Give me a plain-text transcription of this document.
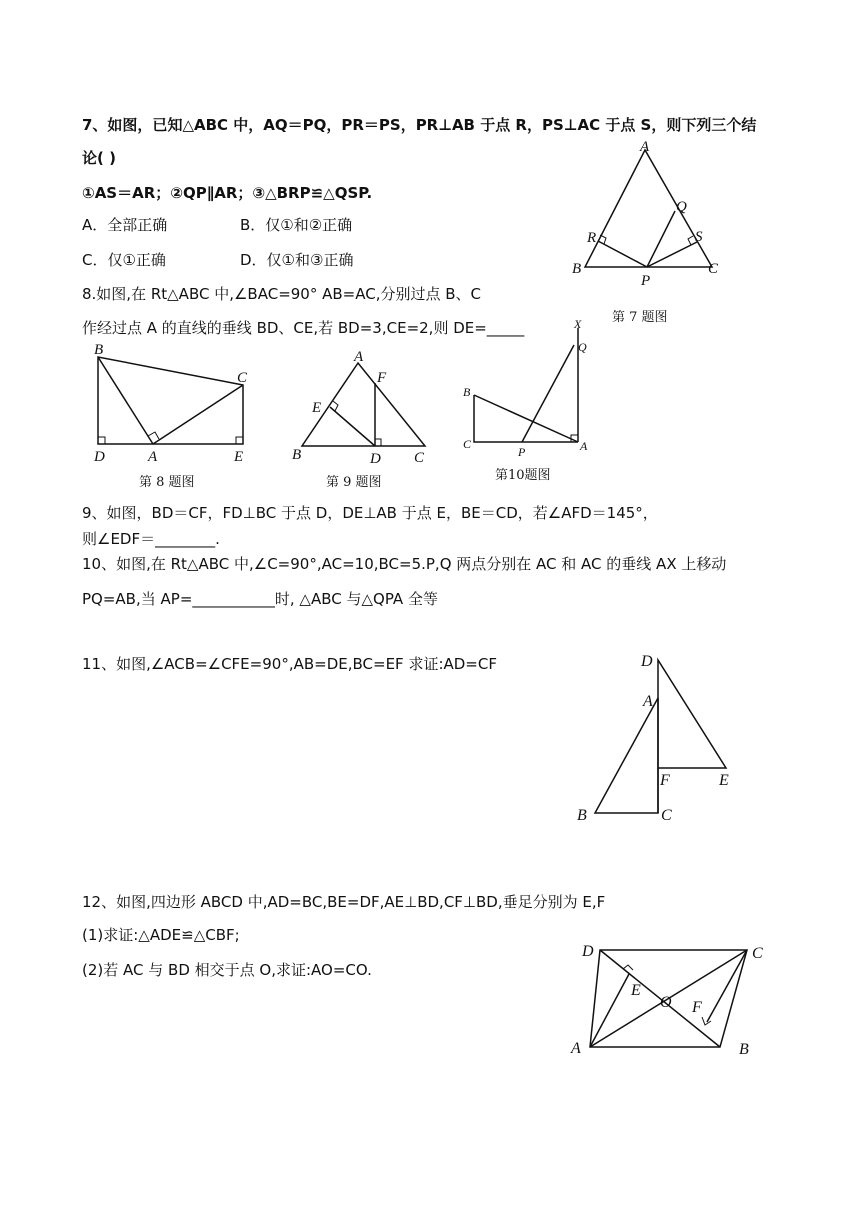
7、如图，已知△ABC 中，AQ＝PQ，PR＝PS，PR⊥AB 于点 R，PS⊥AC 于点 S，则下列三个结
论( )
①AS＝AR；②QP∥AR；③△BRP≌△QSP.
A．全部正确	B．仅①和②正确
C．仅①正确	D．仅①和③正确
A
Q
R	S
B
P
C
第 7 题图
8.如图,在 Rt△ABC 中,∠BAC=90° AB=AC,分别过点 B、C
作经过点 A 的直线的垂线 BD、CE,若 BD=3,CE=2,则 DE=_____
B
C
D	A	E
第 8 题图
A
F
E
B	D C
第 9 题图
X
Q
B
C
P	A
第10题图
9、如图，BD＝CF，FD⊥BC 于点 D，DE⊥AB 于点 E，BE＝CD，若∠AFD＝145°，
则∠EDF＝________.
10、如图,在 Rt△ABC 中,∠C=90°,AC=10,BC=5.P,Q 两点分别在 AC 和 AC 的垂线 AX 上移动
PQ=AB,当 AP=___________时, △ABC 与△QPA 全等
11、如图,∠ACB=∠CFE=90°,AB=DE,BC=EF 求证:AD=CF	D
A
F	E
B	C
12、如图,四边形 ABCD 中,AD=BC,BE=DF,AE⊥BD,CF⊥BD,垂足分别为 E,F
(1)求证:△ADE≌△CBF;
(2)若 AC 与 BD 相交于点 O,求证:AO=CO.
D	C
E
O F
A	B
